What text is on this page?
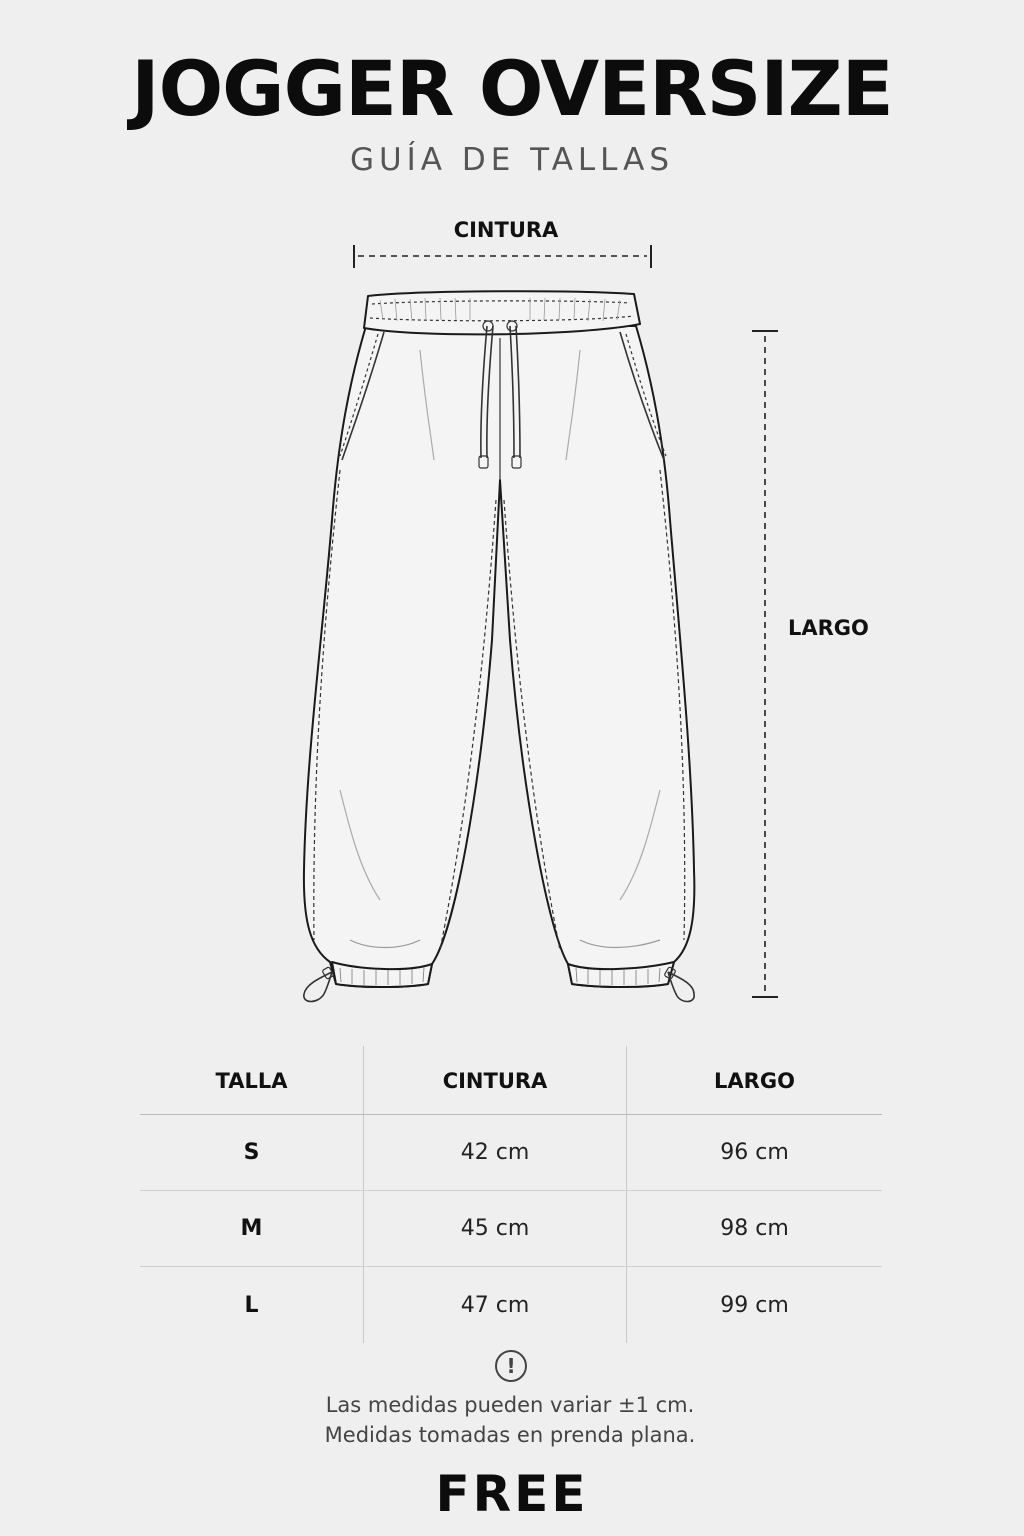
JOGGER OVERSIZE
GUÍA DE TALLAS
CINTURA
LARGO
TALLA	CINTURA	LARGO
S	42 cm	96 cm
M	45 cm	98 cm
L	47 cm	99 cm
!
Las medidas pueden variar ±1 cm.
Medidas tomadas en prenda plana.
FREE
